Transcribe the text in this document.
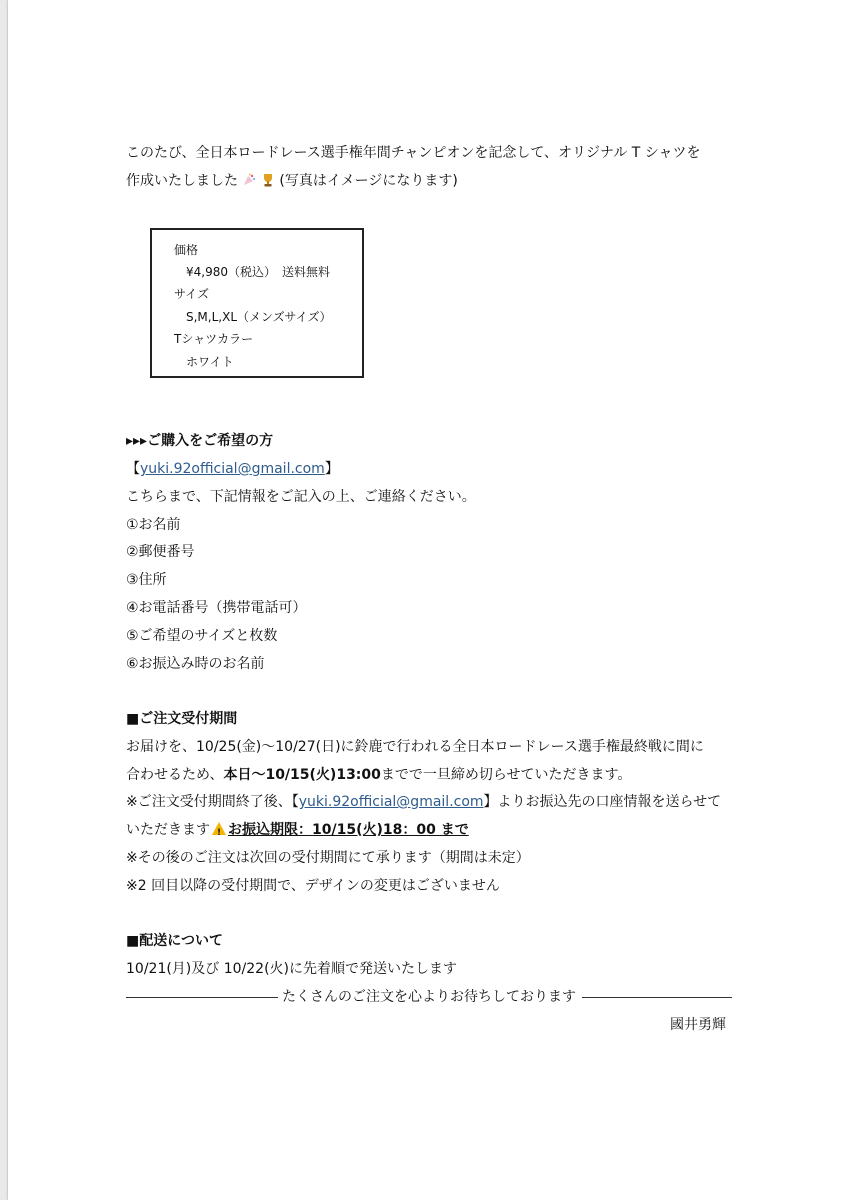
このたび、全日本ロードレース選手権年間チャンピオンを記念して、オリジナル T シャツを
作成いたしました	(写真はイメージになります)
価格
¥4,980（税込）　送料無料
サイズ
S,M,L,XL（メンズサイズ）
Tシャツカラー
ホワイト
▸▸▸ご購入をご希望の方
【yuki.92official@gmail.com】
こちらまで、下記情報をご記入の上、ご連絡ください。
①お名前
②郵便番号
③住所
④お電話番号（携帯電話可）
⑤ご希望のサイズと枚数
⑥お振込み時のお名前
■ご注文受付期間
お届けを、10/25(金)〜10/27(日)に鈴鹿で行われる全日本ロードレース選手権最終戦に間に
合わせるため、本日〜10/15(火)13:00までで一旦締め切らせていただきます。
※ご注文受付期間終了後、【yuki.92official@gmail.com】よりお振込先の口座情報を送らせて
いただきます! お振込期限：10/15(火)18：00 まで
※その後のご注文は次回の受付期間にて承ります（期間は未定）
※2 回目以降の受付期間で、デザインの変更はございません
■配送について
10/21(月)及び 10/22(火)に先着順で発送いたします
たくさんのご注文を心よりお待ちしております
國井勇輝
